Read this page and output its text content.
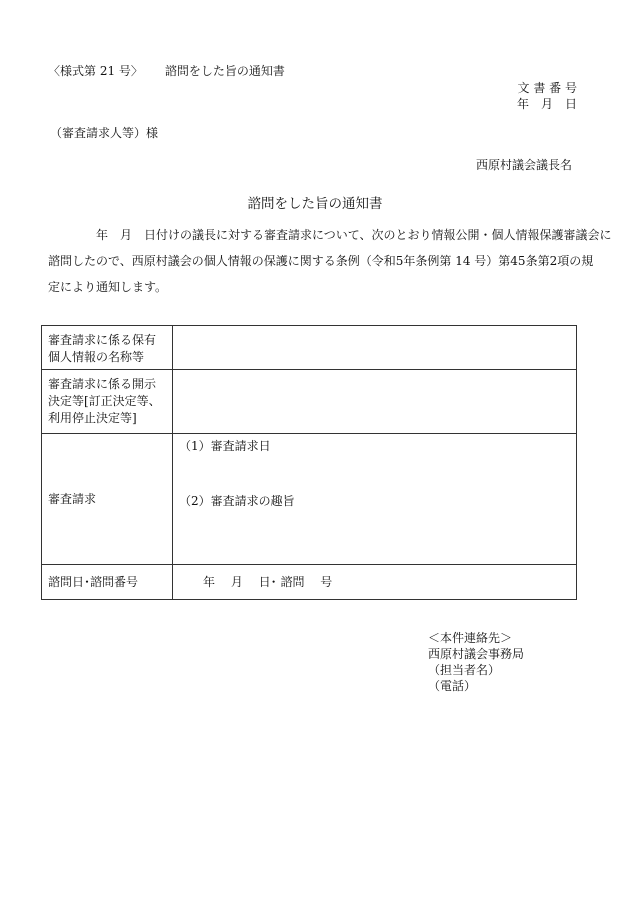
〈様式第 21 号〉 諮問をした旨の通知書
文 書 番 号
年　月　日
（審査請求人等）様
西原村議会議長名
諮問をした旨の通知書
年　月　日付けの議長に対する審査請求について、次のとおり情報公開・個人情報保護審議会に
諮問したので、西原村議会の個人情報の保護に関する条例（令和5年条例第 14 号）第45条第2項の規
定により通知します。
審査請求に係る保有
個人情報の名称等	

審査請求に係る開示
決定等[訂正決定等、
利用停止決定等]	

審査請求	（1）審査請求日
（2）審査請求の趣旨

諮問日･諮問番号	年　 月　 日･ 諮問　 号
＜本件連絡先＞
西原村議会事務局
（担当者名）
（電話）
